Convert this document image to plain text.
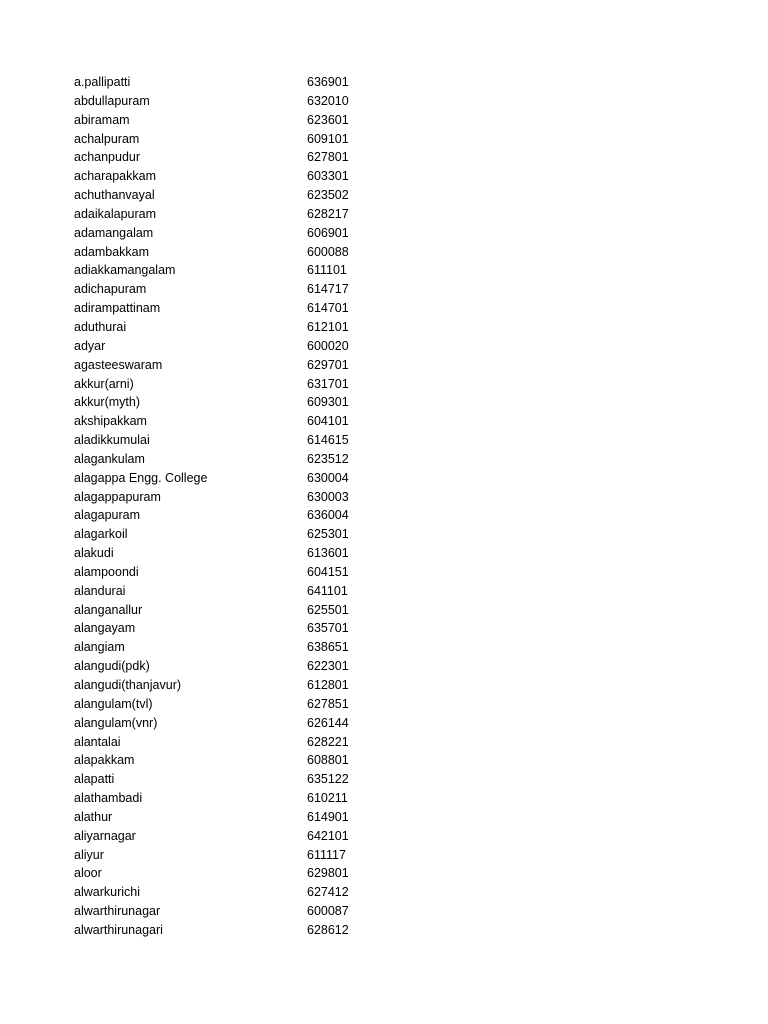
a.pallipatti	636901
abdullapuram	632010
abiramam	623601
achalpuram	609101
achanpudur	627801
acharapakkam	603301
achuthanvayal	623502
adaikalapuram	628217
adamangalam	606901
adambakkam	600088
adiakkamangalam	611101
adichapuram	614717
adirampattinam	614701
aduthurai	612101
adyar	600020
agasteeswaram	629701
akkur(arni)	631701
akkur(myth)	609301
akshipakkam	604101
aladikkumulai	614615
alagankulam	623512
alagappa Engg. College	630004
alagappapuram	630003
alagapuram	636004
alagarkoil	625301
alakudi	613601
alampoondi	604151
alandurai	641101
alanganallur	625501
alangayam	635701
alangiam	638651
alangudi(pdk)	622301
alangudi(thanjavur)	612801
alangulam(tvl)	627851
alangulam(vnr)	626144
alantalai	628221
alapakkam	608801
alapatti	635122
alathambadi	610211
alathur	614901
aliyarnagar	642101
aliyur	611117
aloor	629801
alwarkurichi	627412
alwarthirunagar	600087
alwarthirunagari	628612
